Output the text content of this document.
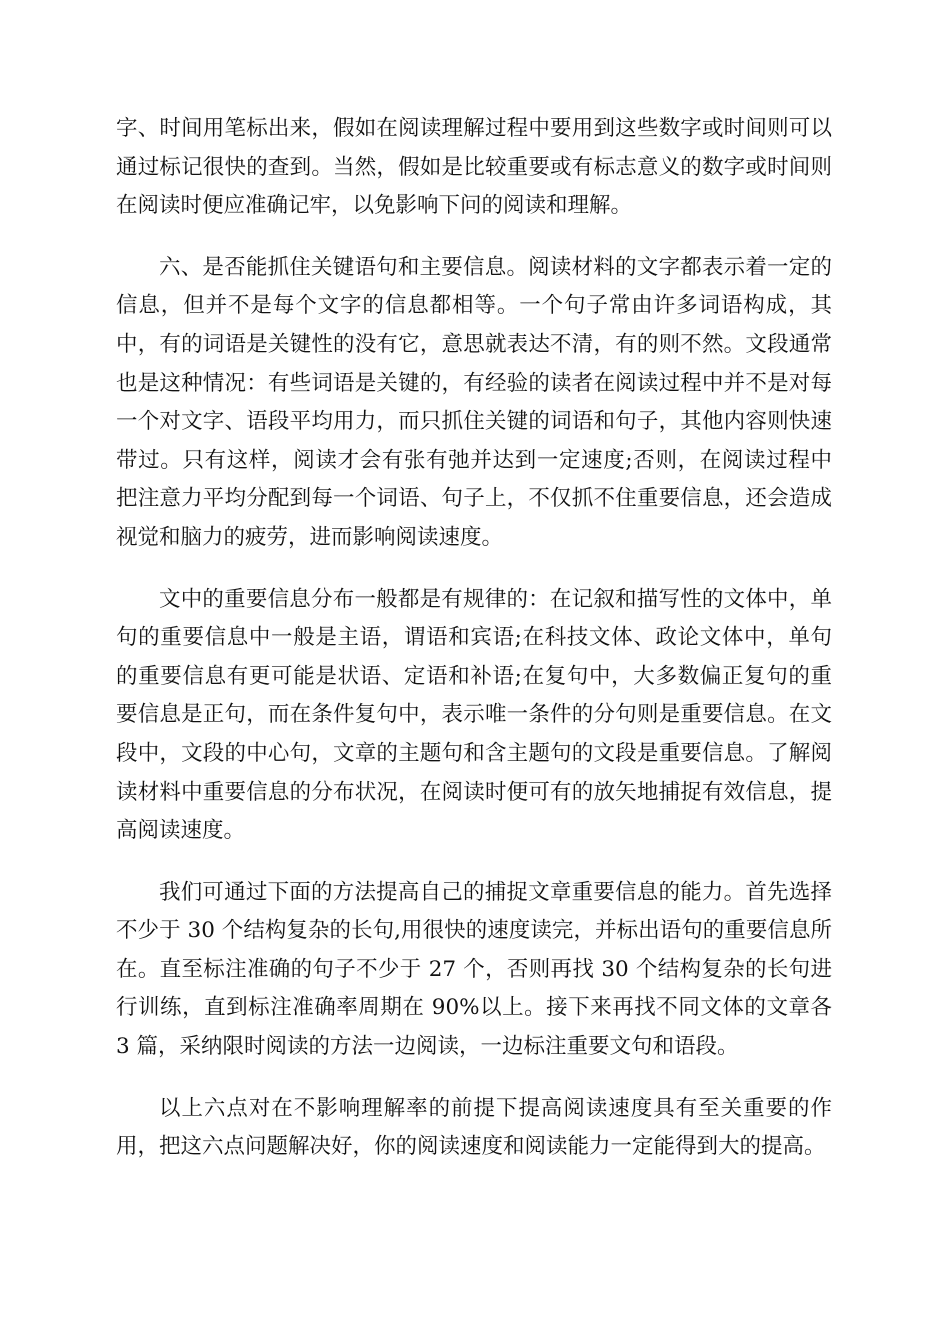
字、时间用笔标出来，假如在阅读理解过程中要用到这些数字或时间则可以通过标记很快的查到。当然，假如是比较重要或有标志意义的数字或时间则在阅读时便应准确记牢，以免影响下问的阅读和理解。

六、是否能抓住关键语句和主要信息。阅读材料的文字都表示着一定的信息，但并不是每个文字的信息都相等。一个句子常由许多词语构成，其中，有的词语是关键性的没有它，意思就表达不清，有的则不然。文段通常也是这种情况：有些词语是关键的，有经验的读者在阅读过程中并不是对每一个对文字、语段平均用力，而只抓住关键的词语和句子，其他内容则快速带过。只有这样，阅读才会有张有弛并达到一定速度;否则，在阅读过程中把注意力平均分配到每一个词语、句子上，不仅抓不住重要信息，还会造成视觉和脑力的疲劳，进而影响阅读速度。

文中的重要信息分布一般都是有规律的：在记叙和描写性的文体中，单句的重要信息中一般是主语，谓语和宾语;在科技文体、政论文体中，单句的重要信息有更可能是状语、定语和补语;在复句中，大多数偏正复句的重要信息是正句，而在条件复句中，表示唯一条件的分句则是重要信息。在文段中，文段的中心句，文章的主题句和含主题句的文段是重要信息。了解阅读材料中重要信息的分布状况，在阅读时便可有的放矢地捕捉有效信息，提高阅读速度。

我们可通过下面的方法提高自己的捕捉文章重要信息的能力。首先选择不少于 30 个结构复杂的长句,用很快的速度读完，并标出语句的重要信息所在。直至标注准确的句子不少于 27 个，否则再找 30 个结构复杂的长句进行训练，直到标注准确率周期在 90%以上。接下来再找不同文体的文章各 3 篇，采纳限时阅读的方法一边阅读，一边标注重要文句和语段。

以上六点对在不影响理解率的前提下提高阅读速度具有至关重要的作用，把这六点问题解决好，你的阅读速度和阅读能力一定能得到大的提高。
